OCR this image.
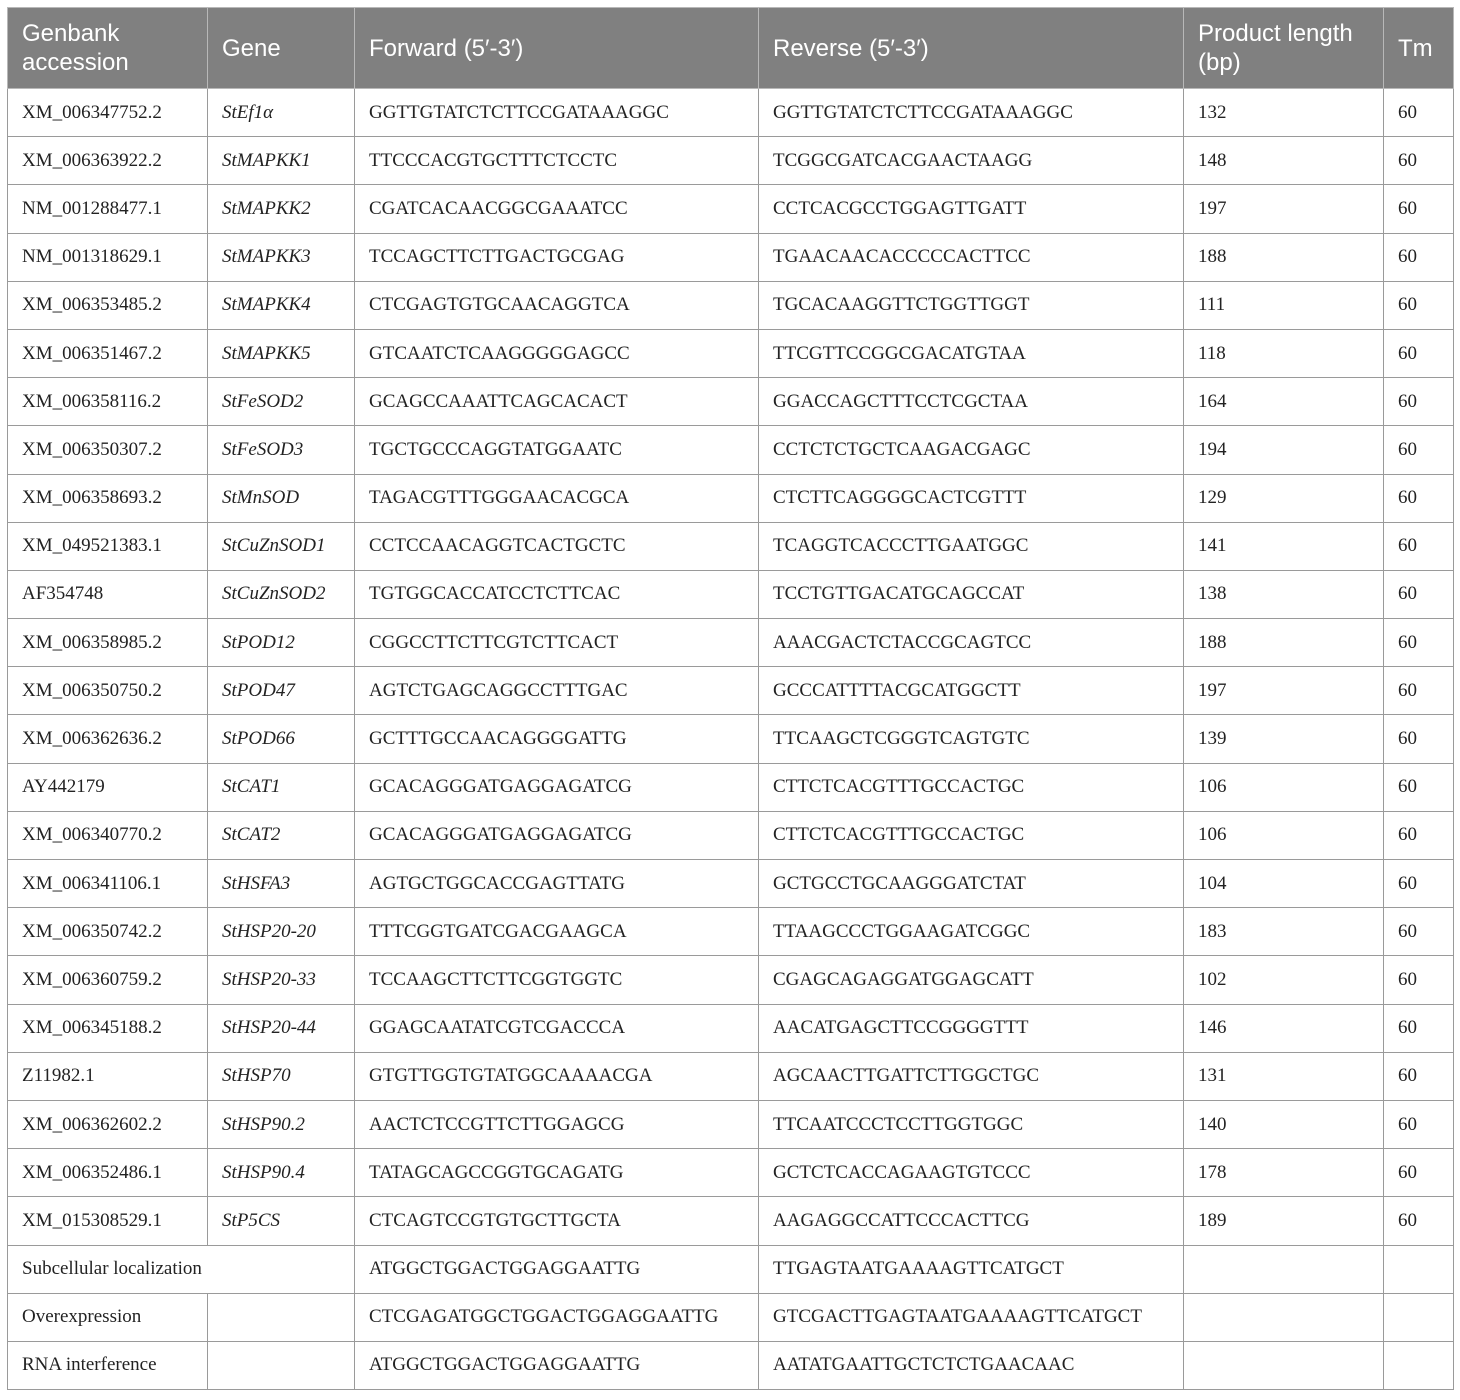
Genbank accession	Gene	Forward (5′-3′)	Reverse (5′-3′)	Product length (bp)	Tm
XM_006347752.2	StEf1α	GGTTGTATCTCTTCCGATAAAGGC	GGTTGTATCTCTTCCGATAAAGGC	132	60
XM_006363922.2	StMAPKK1	TTCCCACGTGCTTTCTCCTC	TCGGCGATCACGAACTAAGG	148	60
NM_001288477.1	StMAPKK2	CGATCACAACGGCGAAATCC	CCTCACGCCTGGAGTTGATT	197	60
NM_001318629.1	StMAPKK3	TCCAGCTTCTTGACTGCGAG	TGAACAACACCCCCACTTCC	188	60
XM_006353485.2	StMAPKK4	CTCGAGTGTGCAACAGGTCA	TGCACAAGGTTCTGGTTGGT	111	60
XM_006351467.2	StMAPKK5	GTCAATCTCAAGGGGGAGCC	TTCGTTCCGGCGACATGTAA	118	60
XM_006358116.2	StFeSOD2	GCAGCCAAATTCAGCACACT	GGACCAGCTTTCCTCGCTAA	164	60
XM_006350307.2	StFeSOD3	TGCTGCCCAGGTATGGAATC	CCTCTCTGCTCAAGACGAGC	194	60
XM_006358693.2	StMnSOD	TAGACGTTTGGGAACACGCA	CTCTTCAGGGGCACTCGTTT	129	60
XM_049521383.1	StCuZnSOD1	CCTCCAACAGGTCACTGCTC	TCAGGTCACCCTTGAATGGC	141	60
AF354748	StCuZnSOD2	TGTGGCACCATCCTCTTCAC	TCCTGTTGACATGCAGCCAT	138	60
XM_006358985.2	StPOD12	CGGCCTTCTTCGTCTTCACT	AAACGACTCTACCGCAGTCC	188	60
XM_006350750.2	StPOD47	AGTCTGAGCAGGCCTTTGAC	GCCCATTTTACGCATGGCTT	197	60
XM_006362636.2	StPOD66	GCTTTGCCAACAGGGGATTG	TTCAAGCTCGGGTCAGTGTC	139	60
AY442179	StCAT1	GCACAGGGATGAGGAGATCG	CTTCTCACGTTTGCCACTGC	106	60
XM_006340770.2	StCAT2	GCACAGGGATGAGGAGATCG	CTTCTCACGTTTGCCACTGC	106	60
XM_006341106.1	StHSFA3	AGTGCTGGCACCGAGTTATG	GCTGCCTGCAAGGGATCTAT	104	60
XM_006350742.2	StHSP20-20	TTTCGGTGATCGACGAAGCA	TTAAGCCCTGGAAGATCGGC	183	60
XM_006360759.2	StHSP20-33	TCCAAGCTTCTTCGGTGGTC	CGAGCAGAGGATGGAGCATT	102	60
XM_006345188.2	StHSP20-44	GGAGCAATATCGTCGACCCA	AACATGAGCTTCCGGGGTTT	146	60
Z11982.1	StHSP70	GTGTTGGTGTATGGCAAAACGA	AGCAACTTGATTCTTGGCTGC	131	60
XM_006362602.2	StHSP90.2	AACTCTCCGTTCTTGGAGCG	TTCAATCCCTCCTTGGTGGC	140	60
XM_006352486.1	StHSP90.4	TATAGCAGCCGGTGCAGATG	GCTCTCACCAGAAGTGTCCC	178	60
XM_015308529.1	StP5CS	CTCAGTCCGTGTGCTTGCTA	AAGAGGCCATTCCCACTTCG	189	60
Subcellular localization		ATGGCTGGACTGGAGGAATTG	TTGAGTAATGAAAAGTTCATGCT		
Overexpression		CTCGAGATGGCTGGACTGGAGGAATTG	GTCGACTTGAGTAATGAAAAGTTCATGCT		
RNA interference		ATGGCTGGACTGGAGGAATTG	AATATGAATTGCTCTCTGAACAAC		
